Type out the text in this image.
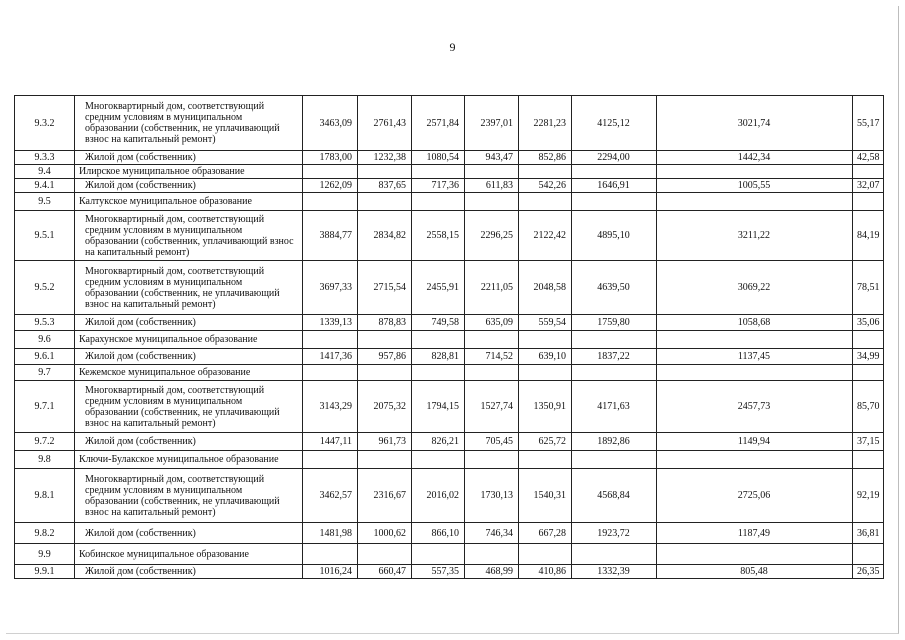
9
9.3.2	Многоквартирный дом, соответствующий средним условиям в муниципальном образовании (собственник, не уплачивающий взнос на капитальный ремонт)	3463,09	2761,43	2571,84	2397,01	2281,23	4125,12	3021,74	55,17
9.3.3	Жилой дом (собственник)	1783,00	1232,38	1080,54	943,47	852,86	2294,00	1442,34	42,58
9.4	Илирское муниципальное образование								
9.4.1	Жилой дом (собственник)	1262,09	837,65	717,36	611,83	542,26	1646,91	1005,55	32,07
9.5	Калтукское муниципальное образование								
9.5.1	Многоквартирный дом, соответствующий средним условиям в муниципальном образовании (собственник, уплачивающий взнос на капитальный ремонт)	3884,77	2834,82	2558,15	2296,25	2122,42	4895,10	3211,22	84,19
9.5.2	Многоквартирный дом, соответствующий средним условиям в муниципальном образовании (собственник, не уплачивающий взнос на капитальный ремонт)	3697,33	2715,54	2455,91	2211,05	2048,58	4639,50	3069,22	78,51
9.5.3	Жилой дом (собственник)	1339,13	878,83	749,58	635,09	559,54	1759,80	1058,68	35,06
9.6	Карахунское муниципальное образование								
9.6.1	Жилой дом (собственник)	1417,36	957,86	828,81	714,52	639,10	1837,22	1137,45	34,99
9.7	Кежемское муниципальное образование								
9.7.1	Многоквартирный дом, соответствующий средним условиям в муниципальном образовании (собственник, не уплачивающий взнос на капитальный ремонт)	3143,29	2075,32	1794,15	1527,74	1350,91	4171,63	2457,73	85,70
9.7.2	Жилой дом (собственник)	1447,11	961,73	826,21	705,45	625,72	1892,86	1149,94	37,15
9.8	Ключи-Булакское муниципальное образование								
9.8.1	Многоквартирный дом, соответствующий средним условиям в муниципальном образовании (собственник, не уплачивающий взнос на капитальный ремонт)	3462,57	2316,67	2016,02	1730,13	1540,31	4568,84	2725,06	92,19
9.8.2	Жилой дом (собственник)	1481,98	1000,62	866,10	746,34	667,28	1923,72	1187,49	36,81
9.9	Кобинское муниципальное образование								
9.9.1	Жилой дом (собственник)	1016,24	660,47	557,35	468,99	410,86	1332,39	805,48	26,35
